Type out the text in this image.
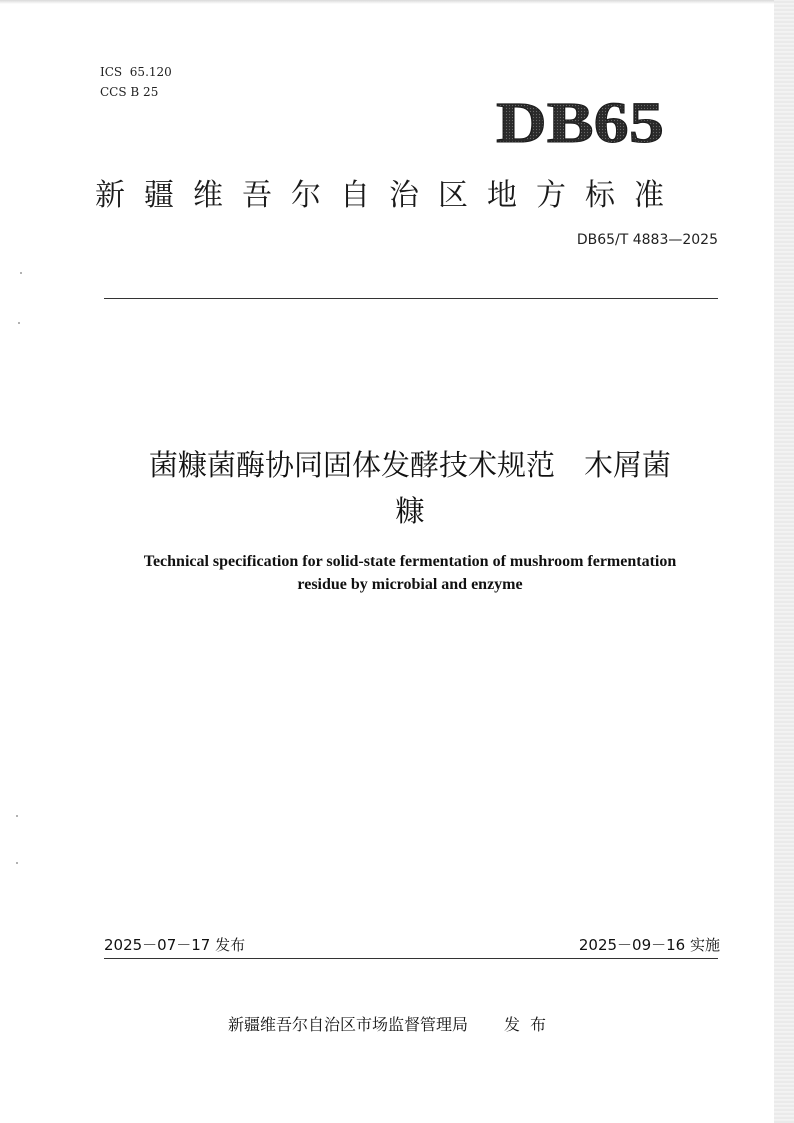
ICS 65.120
CCS B 25	DB65
新疆维吾尔自治区地方标准
DB65/T 4883—2025
菌糠菌酶协同固体发酵技术规范　木屑菌
糠
Technical specification for solid-state fermentation of mushroom fermentation
residue by microbial and enzyme
2025－07－17 发布	2025－09－16 实施
新疆维吾尔自治区市场监督管理局 发布
